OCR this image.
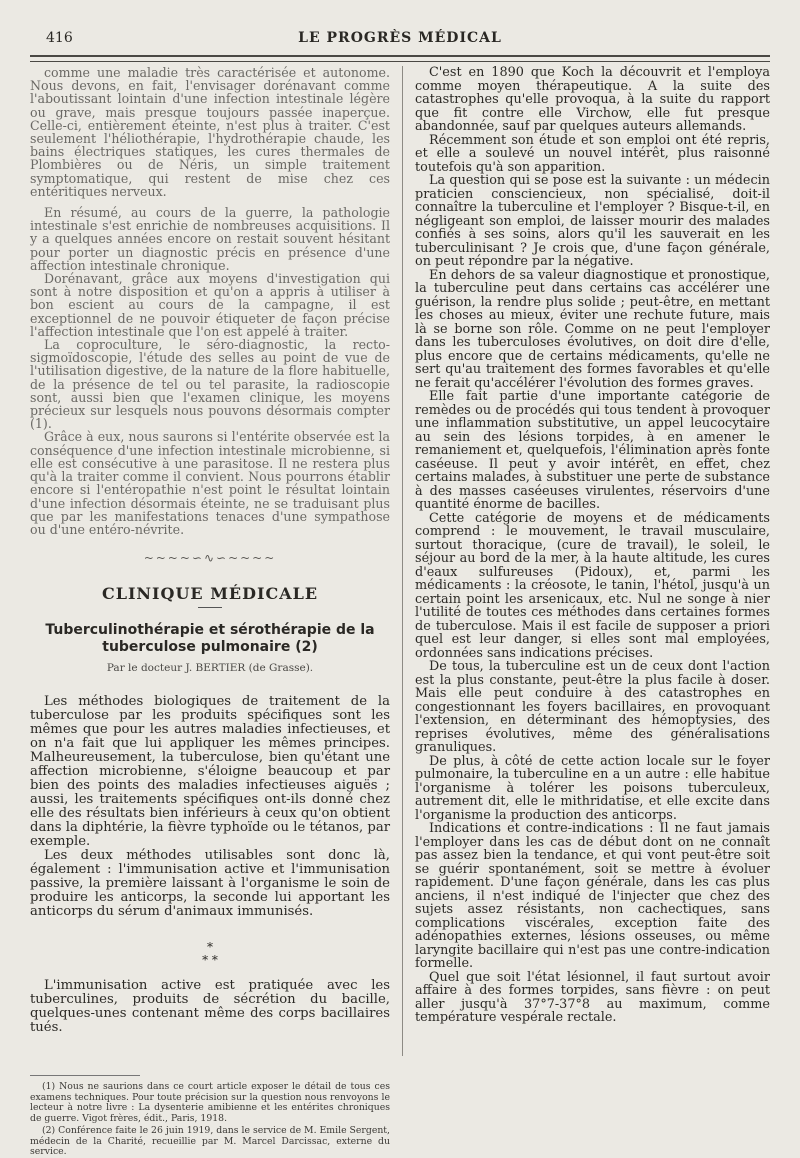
416	LE PROGRÈS MÉDICAL

comme une maladie très caractérisée et autonome. Nous devons, en fait, l'envisager dorénavant comme l'aboutissant lointain d'une infection intestinale légère ou grave, mais presque toujours passée inaperçue. Celle-ci, entièrement éteinte, n'est plus à traiter. C'est seulement l'héliothérapie, l'hydrothérapie chaude, les bains électriques statiques, les cures thermales de Plombières ou de Néris, un simple traitement symptomatique, qui restent de mise chez ces entéritiques nerveux.

En résumé, au cours de la guerre, la pathologie intestinale s'est enrichie de nombreuses acquisitions. Il y a quelques années encore on restait souvent hésitant pour porter un diagnostic précis en présence d'une affection intestinale chronique.

Dorénavant, grâce aux moyens d'investigation qui sont à notre disposition et qu'on a appris à utiliser à bon escient au cours de la campagne, il est exceptionnel de ne pouvoir étiqueter de façon précise l'affection intestinale que l'on est appelé à traiter.

La coproculture, le séro-diagnostic, la recto-sigmoïdoscopie, l'étude des selles au point de vue de l'utilisation digestive, de la nature de la flore habituelle, de la présence de tel ou tel parasite, la radioscopie sont, aussi bien que l'examen clinique, les moyens précieux sur lesquels nous pouvons désormais compter (1).

Grâce à eux, nous saurons si l'entérite observée est la conséquence d'une infection intestinale microbienne, si elle est consécutive à une parasitose. Il ne restera plus qu'à la traiter comme il convient. Nous pourrons établir encore si l'entéropathie n'est point le résultat lointain d'une infection désormais éteinte, ne se traduisant plus que par les manifestations tenaces d'une sympathose ou d'une entéro-névrite.

~~~~∽∿∽~~~~
CLINIQUE MÉDICALE
Tuberculinothérapie et sérothérapie de la tuberculose pulmonaire (2)
Par le docteur J. BERTIER (de Grasse).

Les méthodes biologiques de traitement de la tuberculose par les produits spécifiques sont les mêmes que pour les autres maladies infectieuses, et on n'a fait que lui appliquer les mêmes principes. Malheureusement, la tuberculose, bien qu'étant une affection microbienne, s'éloigne beaucoup et par bien des points des maladies infectieuses aiguës ; aussi, les traitements spécifiques ont-ils donné chez elle des résultats bien inférieurs à ceux qu'on obtient dans la diphtérie, la fièvre typhoïde ou le tétanos, par exemple.

Les deux méthodes utilisables sont donc là, également : l'immunisation active et l'immunisation passive, la première laissant à l'organisme le soin de produire les anticorps, la seconde lui apportant les anticorps du sérum d'animaux immunisés.

*
* *

L'immunisation active est pratiquée avec les tuberculines, produits de sécrétion du bacille, quelques-unes contenant même des corps bacillaires tués.

(1) Nous ne saurions dans ce court article exposer le détail de tous ces examens techniques. Pour toute précision sur la question nous renvoyons le lecteur à notre livre : La dysenterie amibienne et les entérites chroniques de guerre. Vigot frères, édit., Paris, 1918.

(2) Conférence faite le 26 juin 1919, dans le service de M. Emile Sergent, médecin de la Charité, recueillie par M. Marcel Darcissac, externe du service.

C'est en 1890 que Koch la découvrit et l'employa comme moyen thérapeutique. A la suite des catastrophes qu'elle provoqua, à la suite du rapport que fit contre elle Virchow, elle fut presque abandonnée, sauf par quelques auteurs allemands.

Récemment son étude et son emploi ont été repris, et elle a soulevé un nouvel intérêt, plus raisonné toutefois qu'à son apparition.

La question qui se pose est la suivante : un médecin praticien consciencieux, non spécialisé, doit-il connaître la tuberculine et l'employer ? Bisque-t-il, en négligeant son emploi, de laisser mourir des malades confiés à ses soins, alors qu'il les sauverait en les tuberculinisant ? Je crois que, d'une façon générale, on peut répondre par la négative.

En dehors de sa valeur diagnostique et pronostique, la tuberculine peut dans certains cas accélérer une guérison, la rendre plus solide ; peut-être, en mettant les choses au mieux, éviter une rechute future, mais là se borne son rôle. Comme on ne peut l'employer dans les tuberculoses évolutives, on doit dire d'elle, plus encore que de certains médicaments, qu'elle ne sert qu'au traitement des formes favorables et qu'elle ne ferait qu'accélérer l'évolution des formes graves.

Elle fait partie d'une importante catégorie de remèdes ou de procédés qui tous tendent à provoquer une inflammation substitutive, un appel leucocytaire au sein des lésions torpides, à en amener le remaniement et, quelquefois, l'élimination après fonte caséeuse. Il peut y avoir intérêt, en effet, chez certains malades, à substituer une perte de substance à des masses caséeuses virulentes, réservoirs d'une quantité énorme de bacilles.

Cette catégorie de moyens et de médicaments comprend : le mouvement, le travail musculaire, surtout thoracique, (cure de travail), le soleil, le séjour au bord de la mer, à la haute altitude, les cures d'eaux sulfureuses (Pidoux), et, parmi les médicaments : la créosote, le tanin, l'hétol, jusqu'à un certain point les arsenicaux, etc. Nul ne songe à nier l'utilité de toutes ces méthodes dans certaines formes de tuberculose. Mais il est facile de supposer a priori quel est leur danger, si elles sont mal employées, ordonnées sans indications précises.

De tous, la tuberculine est un de ceux dont l'action est la plus constante, peut-être la plus facile à doser. Mais elle peut conduire à des catastrophes en congestionnant les foyers bacillaires, en provoquant l'extension, en déterminant des hémoptysies, des reprises évolutives, même des généralisations granuliques.

De plus, à côté de cette action locale sur le foyer pulmonaire, la tuberculine en a un autre : elle habitue l'organisme à tolérer les poisons tuberculeux, autrement dit, elle le mithridatise, et elle excite dans l'organisme la production des anticorps.

Indications et contre-indications : Il ne faut jamais l'employer dans les cas de début dont on ne connaît pas assez bien la tendance, et qui vont peut-être soit se guérir spontanément, soit se mettre à évoluer rapidement. D'une façon générale, dans les cas plus anciens, il n'est indiqué de l'injecter que chez des sujets assez résistants, non cachectiques, sans complications viscérales, exception faite des adénopathies externes, lésions osseuses, ou même laryngite bacillaire qui n'est pas une contre-indication formelle.

Quel que soit l'état lésionnel, il faut surtout avoir affaire à des formes torpides, sans fièvre : on peut aller jusqu'à 37°7-37°8 au maximum, comme température vespérale rectale.
